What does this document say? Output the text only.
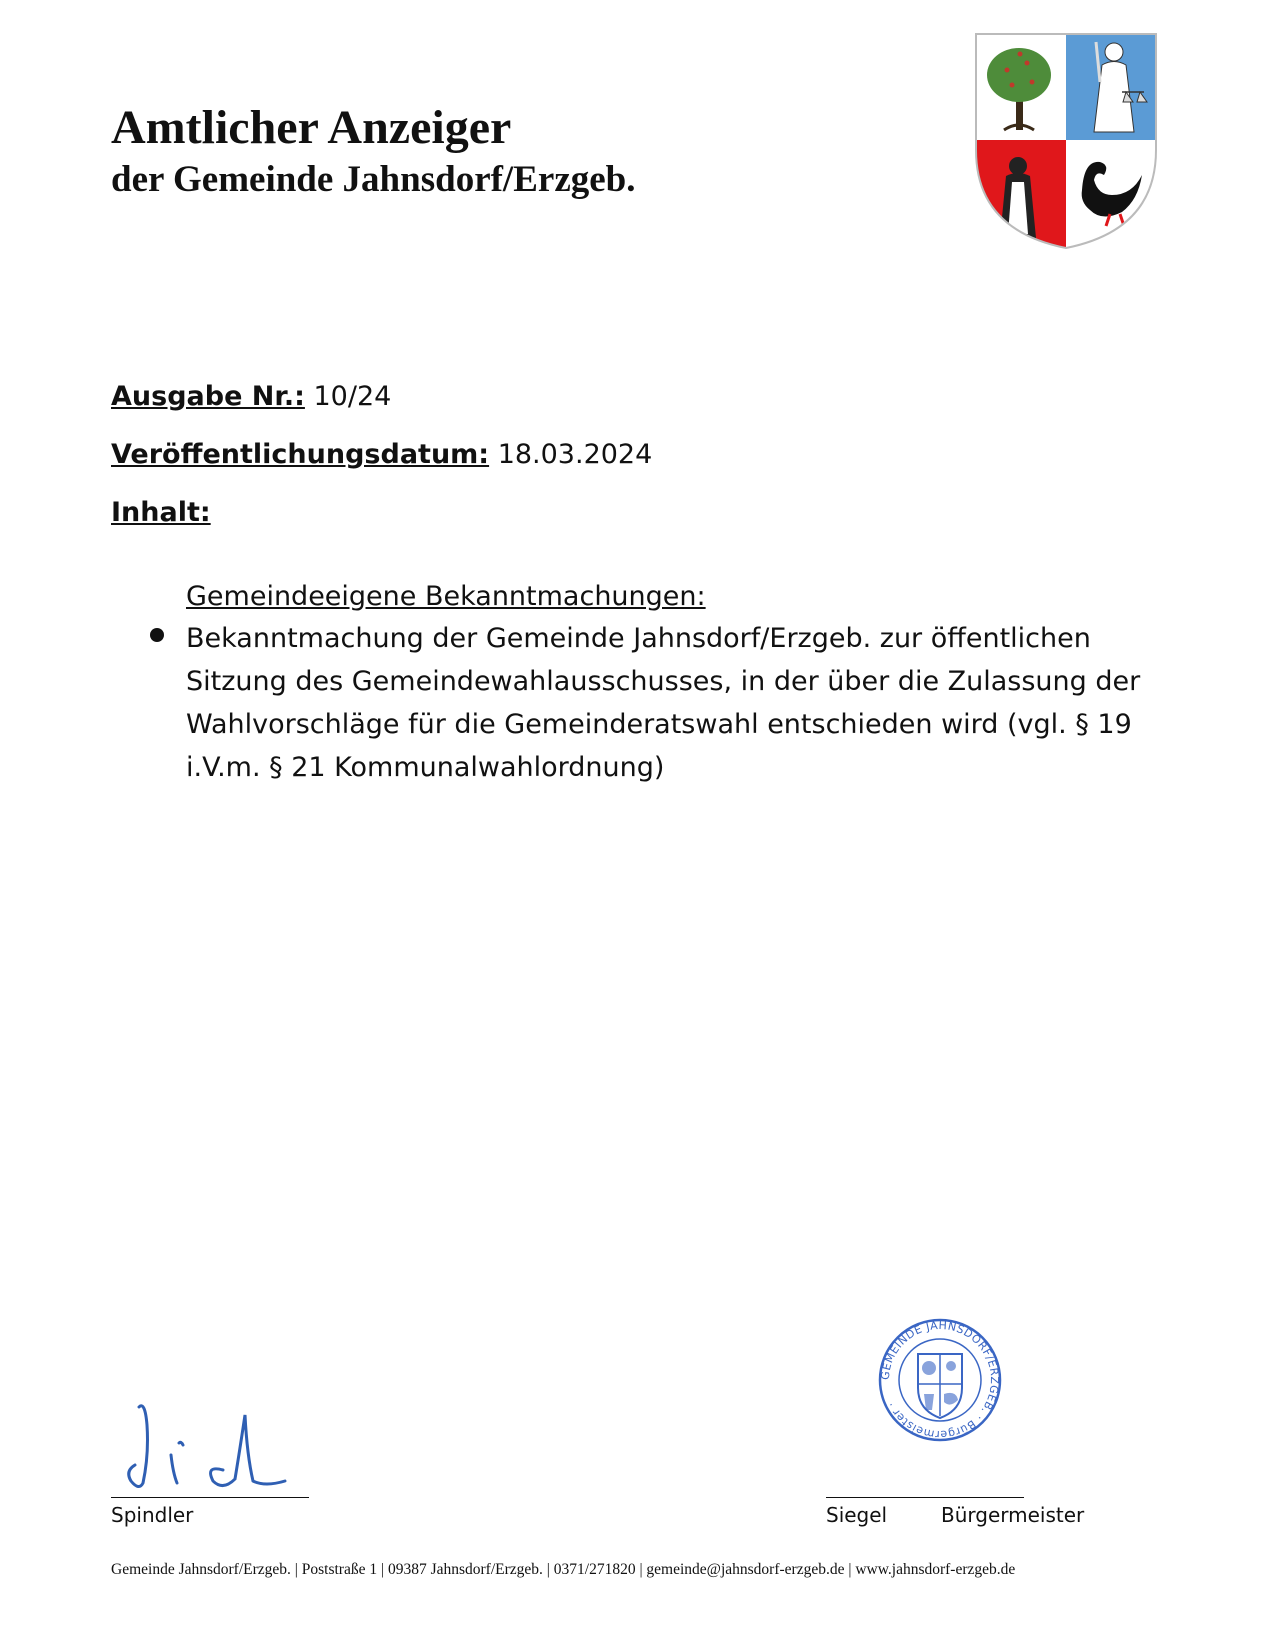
Amtlicher Anzeiger
der Gemeinde Jahnsdorf/Erzgeb.
Ausgabe Nr.: 10/24
Veröffentlichungsdatum: 18.03.2024
Inhalt:
Gemeindeeigene Bekanntmachungen:

Bekanntmachung der Gemeinde Jahnsdorf/Erzgeb. zur öffentlichen Sitzung des Gemeindewahlausschusses, in der über die Zulassung der Wahlvorschläge für die Gemeinderatswahl entschieden wird (vgl. § 19 i.V.m. § 21 Kommunalwahlordnung)

Spindler
GEMEINDE JAHNSDORF/ERZGEB. · Bürgermeister ·
Siegel	Bürgermeister
Gemeinde Jahnsdorf/Erzgeb. | Poststraße 1 | 09387 Jahnsdorf/Erzgeb. | 0371/271820 | gemeinde@jahnsdorf-erzgeb.de | www.jahnsdorf-erzgeb.de
